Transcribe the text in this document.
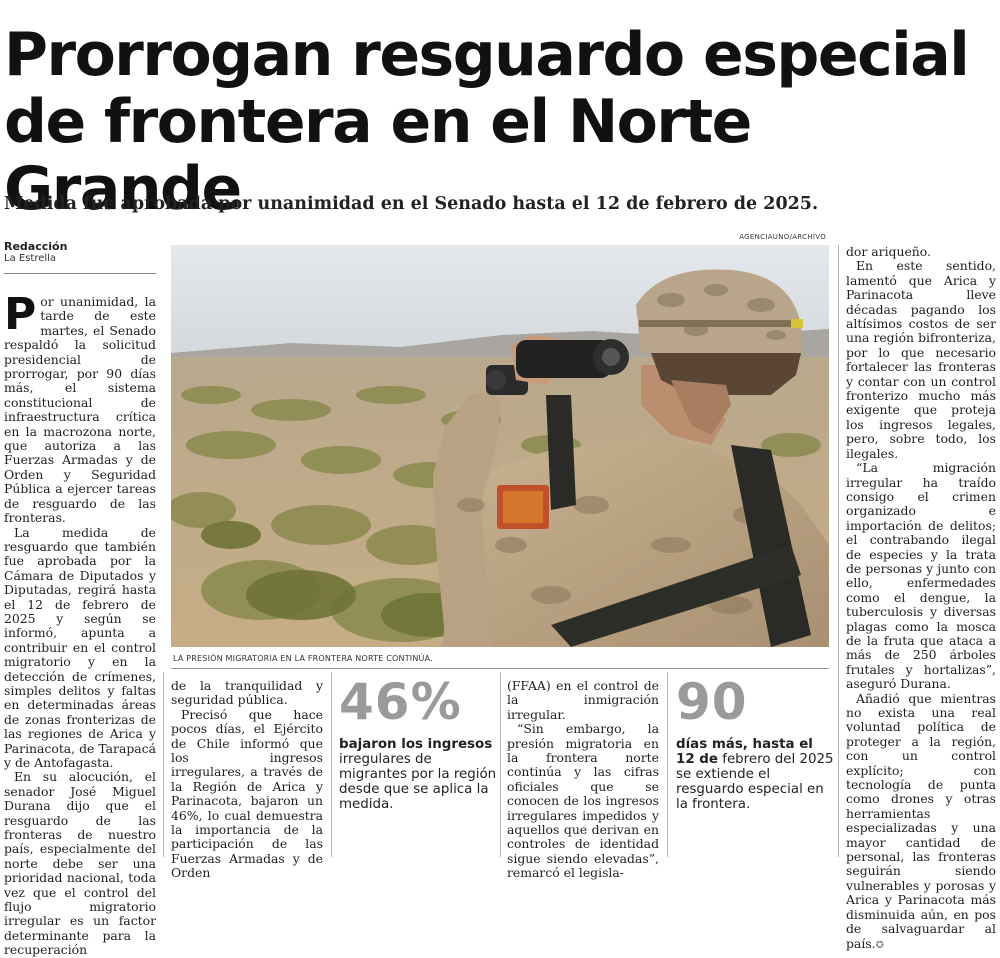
Prorrogan resguardo especial de frontera en el Norte Grande
Medida fue aprobada por unanimidad en el Senado hasta el 12 de febrero de 2025.
Redacción
La Estrella
AGENCIAUNO/ARCHIVO
LA PRESIÓN MIGRATORIA EN LA FRONTERA NORTE CONTINÚA.

Por unanimidad, la tarde de este martes, el Senado respaldó la solicitud presidencial de prorrogar, por 90 días más, el sistema constitucional de infraestructura crítica en la macrozona norte, que autoriza a las Fuerzas Armadas y de Orden y Seguridad Pública a ejercer tareas de resguardo de las fronteras.

La medida de resguardo que también fue aprobada por la Cámara de Diputados y Diputadas, regirá hasta el 12 de febrero de 2025 y según se informó, apunta a contribuir en el control migratorio y en la detección de crímenes, simples delitos y faltas en determinadas áreas de zonas fronterizas de las regiones de Arica y Parinacota, de Tarapacá y de Antofagasta.

En su alocución, el senador José Miguel Durana dijo que el resguardo de las fronteras de nuestro país, especialmente del norte debe ser una prioridad nacional, toda vez que el control del flujo migratorio irregular es un factor determinante para la recuperación

de la tranquilidad y seguridad pública.

Precisó que hace pocos días, el Ejército de Chile informó que los ingresos irregulares, a través de la Región de Arica y Parinacota, bajaron un 46%, lo cual demuestra la importancia de la participación de las Fuerzas Armadas y de Orden

46%
bajaron los ingresos irregulares de migrantes por la región desde que se aplica la medida.

(FFAA) en el control de la inmigración irregular.

“Sin embargo, la presión migratoria en la frontera norte continúa y las cifras oficiales que se conocen de los ingresos irregulares impedidos y aquellos que derivan en controles de identidad sigue siendo elevadas”, remarcó el legisla-

90
días más, hasta el 12 de febrero del 2025 se extiende el resguardo especial en la frontera.

dor ariqueño.

En este sentido, lamentó que Arica y Parinacota lleve décadas pagando los altísimos costos de ser una región bifronteriza, por lo que necesario fortalecer las fronteras y contar con un control fronterizo mucho más exigente que proteja los ingresos legales, pero, sobre todo, los ilegales.

“La migración irregular ha traído consigo el crimen organizado e importación de delitos; el contrabando ilegal de especies y la trata de personas y junto con ello, enfermedades como el dengue, la tuberculosis y diversas plagas como la mosca de la fruta que ataca a más de 250 árboles frutales y hortalizas”, aseguró Durana.

Añadió que mientras no exista una real voluntad política de proteger a la región, con un control explícito; con tecnología de punta como drones y otras herramientas especializadas y una mayor cantidad de personal, las fronteras seguirán siendo vulnerables y porosas y Arica y Parinacota más disminuida aún, en pos de salvaguardar al país.✪
